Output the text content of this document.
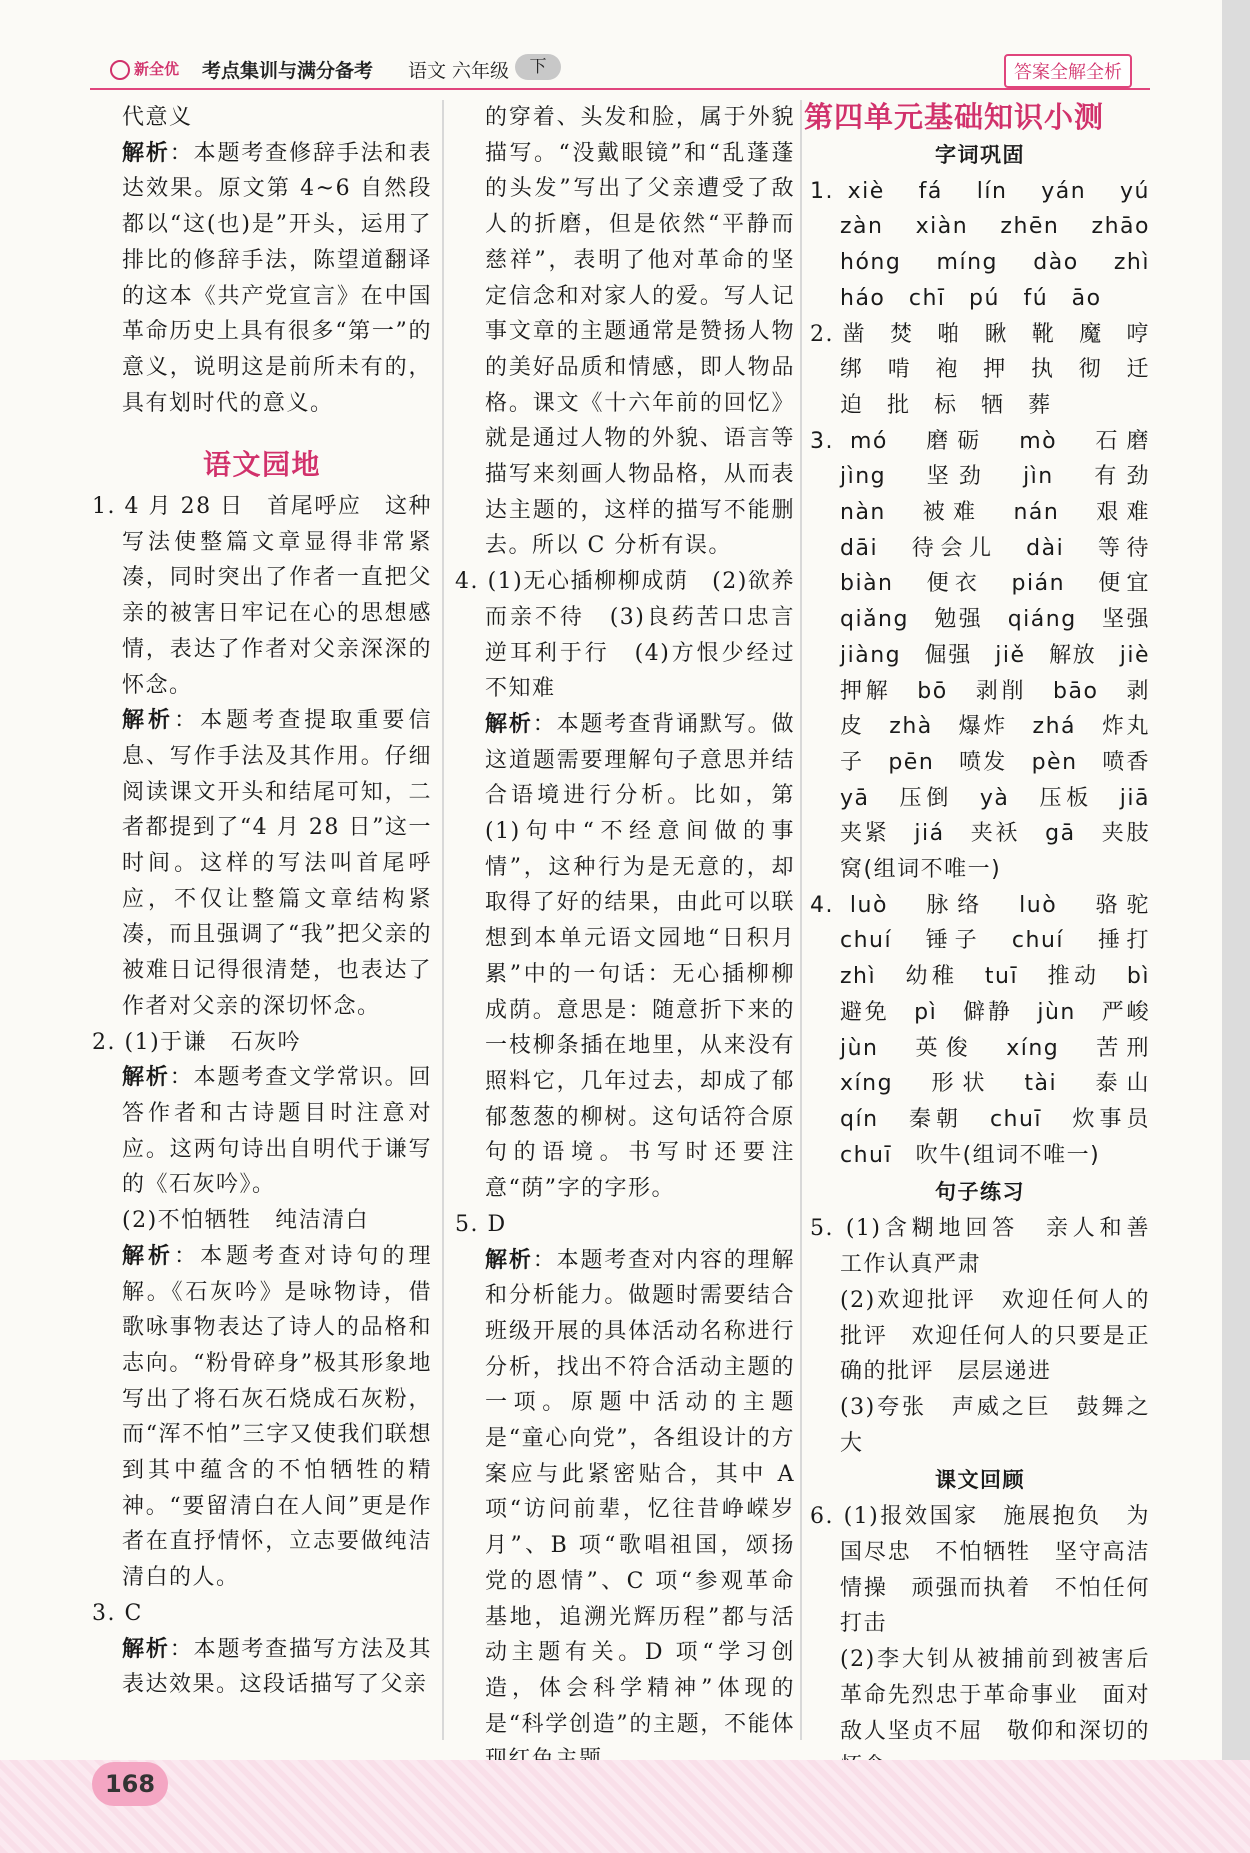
新全优 考点集训与满分备考 语文 六年级	下	答案全解全析

代意义

解析：本题考查修辞手法和表达效果。原文第 4~6 自然段都以“这(也)是”开头，运用了排比的修辞手法，陈望道翻译的这本《共产党宣言》在中国革命历史上具有很多“第一”的意义，说明这是前所未有的，具有划时代的意义。

语文园地

1. 4 月 28 日　首尾呼应　这种写法使整篇文章显得非常紧凑，同时突出了作者一直把父亲的被害日牢记在心的思想感情，表达了作者对父亲深深的怀念。

解析：本题考查提取重要信息、写作手法及其作用。仔细阅读课文开头和结尾可知，二者都提到了“4 月 28 日”这一时间。这样的写法叫首尾呼应，不仅让整篇文章结构紧凑，而且强调了“我”把父亲的被难日记得很清楚，也表达了作者对父亲的深切怀念。

2. (1)于谦　石灰吟

解析：本题考查文学常识。回答作者和古诗题目时注意对应。这两句诗出自明代于谦写的《石灰吟》。

(2)不怕牺牲　纯洁清白

解析：本题考查对诗句的理解。《石灰吟》是咏物诗，借歌咏事物表达了诗人的品格和志向。“粉骨碎身”极其形象地写出了将石灰石烧成石灰粉，而“浑不怕”三字又使我们联想到其中蕴含的不怕牺牲的精神。“要留清白在人间”更是作者在直抒情怀，立志要做纯洁清白的人。

3. C

解析：本题考查描写方法及其表达效果。这段话描写了父亲

的穿着、头发和脸，属于外貌描写。“没戴眼镜”和“乱蓬蓬的头发”写出了父亲遭受了敌人的折磨，但是依然“平静而慈祥”，表明了他对革命的坚定信念和对家人的爱。写人记事文章的主题通常是赞扬人物的美好品质和情感，即人物品格。课文《十六年前的回忆》就是通过人物的外貌、语言等描写来刻画人物品格，从而表达主题的，这样的描写不能删去。所以 C 分析有误。

4. (1)无心插柳柳成荫　(2)欲养而亲不待　(3)良药苦口忠言逆耳利于行　(4)方恨少经过不知难

解析：本题考查背诵默写。做这道题需要理解句子意思并结合语境进行分析。比如，第(1)句中“不经意间做的事情”，这种行为是无意的，却取得了好的结果，由此可以联想到本单元语文园地“日积月累”中的一句话：无心插柳柳成荫。意思是：随意折下来的一枝柳条插在地里，从来没有照料它，几年过去，却成了郁郁葱葱的柳树。这句话符合原句的语境。书写时还要注意“荫”字的字形。

5. D

解析：本题考查对内容的理解和分析能力。做题时需要结合班级开展的具体活动名称进行分析，找出不符合活动主题的一项。原题中活动的主题是“童心向党”，各组设计的方案应与此紧密贴合，其中 A 项“访问前辈，忆往昔峥嵘岁月”、B 项“歌唱祖国，颂扬党的恩情”、C 项“参观革命基地，追溯光辉历程”都与活动主题有关。D 项“学习创造，体会科学精神”体现的是“科学创造”的主题，不能体

第四单元基础知识小测
字词巩固

1. xiè　fá　lín　yán　yú　zàn　xiàn　zhēn　zhāo　hóng　míng　dào　zhì　háo　chī　pú　fú　āo

2. 凿　焚　啪　瞅　靴　魔　哼　绑　啃　袍　押　执　彻　迁　迫　批　标　牺　葬

3. mó　磨砺　mò　石磨　jìng　坚劲　jìn　有劲　nàn　被难　nán　艰难　dāi　待会儿　dài　等待　biàn　便衣　pián　便宜　qiǎng　勉强　qiáng　坚强　jiàng　倔强　jiě　解放　jiè　押解　bō　剥削　bāo　剥皮　zhà　爆炸　zhá　炸丸子　pēn　喷发　pèn　喷香　yā　压倒　yà　压板　jiā　夹紧　jiá　夹袄　gā　夹肢窝(组词不唯一)

4. luò　脉络　luò　骆驼　chuí　锤子　chuí　捶打　zhì　幼稚　tuī　推动　bì　避免　pì　僻静　jùn　严峻　jùn　英俊　xíng　苦刑　xíng　形状　tài　泰山　qín　秦朝　chuī　炊事员　chuī　吹牛(组词不唯一)

句子练习

5. (1)含糊地回答　亲人和善　工作认真严肃

(2)欢迎批评　欢迎任何人的批评　欢迎任何人的只要是正确的批评　层层递进

(3)夸张　声威之巨　鼓舞之大

课文回顾

6. (1)报效国家　施展抱负　为国尽忠　不怕牺牲　坚守高洁情操　顽强而执着　不怕任何打击

(2)李大钊从被捕前到被害后　革命先烈忠于革命事业　面对敌人坚贞不屈　敬仰和深切的

168
